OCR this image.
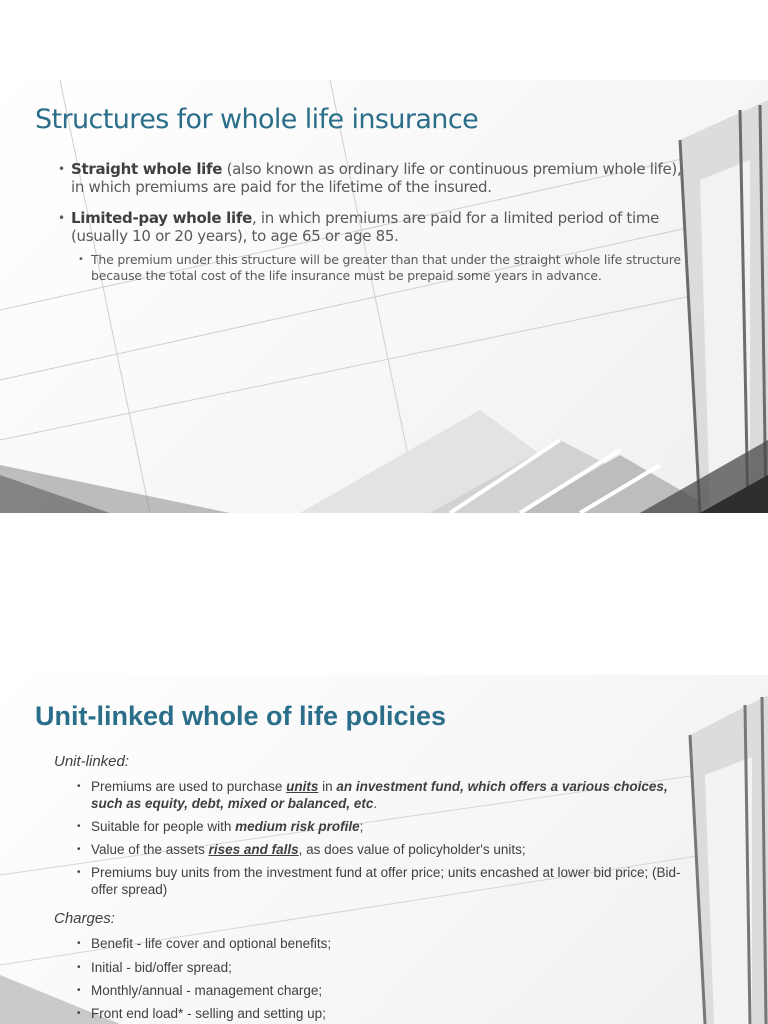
Structures for whole life insurance
• Straight whole life (also known as ordinary life or continuous premium whole life), in which premiums are paid for the lifetime of the insured.
• Limited-pay whole life, in which premiums are paid for a limited period of time (usually 10 or 20 years), to age 65 or age 85.
• The premium under this structure will be greater than that under the straight whole life structure because the total cost of the life insurance must be prepaid some years in advance.
Unit-linked whole of life policies
Unit-linked:
• Premiums are used to purchase units in an investment fund, which offers a various choices, such as equity, debt, mixed or balanced, etc.
• Suitable for people with medium risk profile;
• Value of the assets rises and falls, as does value of policyholder's units;
• Premiums buy units from the investment fund at offer price; units encashed at lower bid price; (Bid-offer spread)
Charges:
• Benefit - life cover and optional benefits;
• Initial - bid/offer spread;
• Monthly/annual - management charge;
• Front end load* - selling and setting up;
